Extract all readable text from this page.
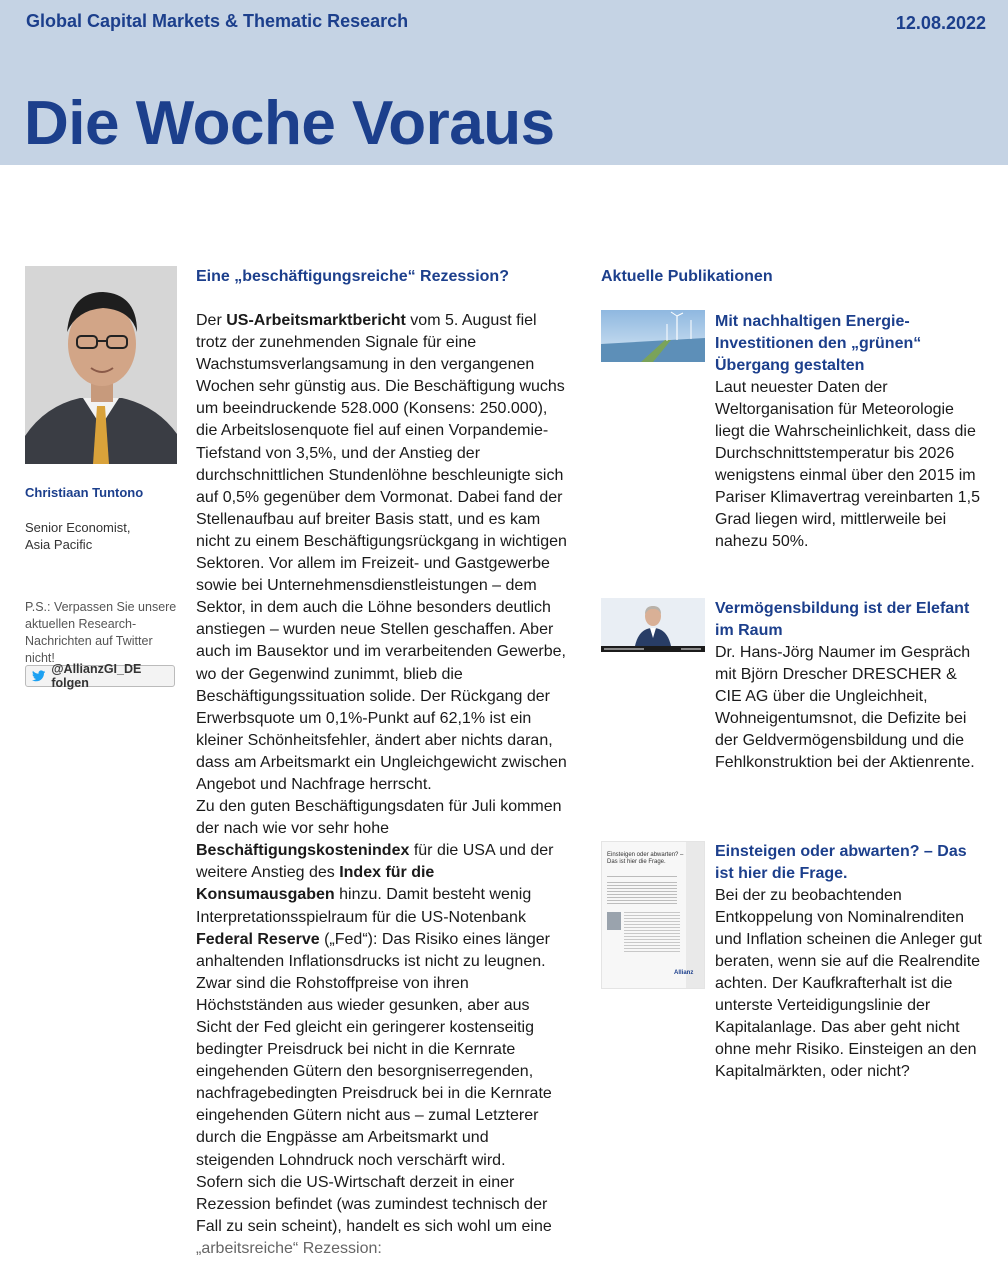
Global Capital Markets & Thematic Research	12.08.2022
Die Woche Voraus
Christiaan Tuntono
Senior Economist,
Asia Pacific
P.S.: Verpassen Sie unsere aktuellen Research- Nachrichten auf Twitter nicht!
@AllianzGI_DE folgen
Eine „beschäftigungsreiche“ Rezession?

Der US-Arbeitsmarktbericht vom 5. August fiel trotz der zunehmenden Signale für eine Wachstumsverlangsamung in den vergangenen Wochen sehr günstig aus. Die Beschäftigung wuchs um beeindruckende 528.000 (Konsens: 250.000), die Arbeitslosenquote fiel auf einen Vorpandemie-Tiefstand von 3,5%, und der Anstieg der durchschnittlichen Stundenlöhne beschleunigte sich auf 0,5% gegenüber dem Vormonat. Dabei fand der Stellenaufbau auf breiter Basis statt, und es kam nicht zu einem Beschäftigungsrückgang in wichtigen Sektoren. Vor allem im Freizeit- und Gastgewerbe sowie bei Unternehmensdienstleistungen – dem Sektor, in dem auch die Löhne besonders deutlich anstiegen – wurden neue Stellen geschaffen. Aber auch im Bausektor und im verarbeitenden Gewerbe, wo der Gegenwind zunimmt, blieb die Beschäftigungssituation solide. Der Rückgang der Erwerbsquote um 0,1%-Punkt auf 62,1% ist ein kleiner Schönheitsfehler, ändert aber nichts daran, dass am Arbeitsmarkt ein Ungleichgewicht zwischen Angebot und Nachfrage herrscht.

Zu den guten Beschäftigungsdaten für Juli kommen der nach wie vor sehr hohe Beschäftigungskostenindex für die USA und der weitere Anstieg des Index für die Konsumausgaben hinzu. Damit besteht wenig Interpretationsspielraum für die US-Notenbank Federal Reserve („Fed“): Das Risiko eines länger anhaltenden Inflationsdrucks ist nicht zu leugnen. Zwar sind die Rohstoffpreise von ihren Höchstständen aus wieder gesunken, aber aus Sicht der Fed gleicht ein geringerer kostenseitig bedingter Preisdruck bei nicht in die Kernrate eingehenden Gütern den besorgniserregenden, nachfragebedingten Preisdruck bei in die Kernrate eingehenden Gütern nicht aus – zumal Letzterer durch die Engpässe am Arbeitsmarkt und steigenden Lohndruck noch verschärft wird.

Sofern sich die US-Wirtschaft derzeit in einer Rezession befindet (was zumindest technisch der Fall zu sein scheint), handelt es sich wohl um eine „arbeitsreiche“ Rezession:

Aktuelle Publikationen
Mit nachhaltigen Energie-Investitionen den „grünen“ Übergang gestalten
Laut neuester Daten der Weltorganisation für Meteorologie liegt die Wahrscheinlichkeit, dass die Durchschnittstemperatur bis 2026 wenigstens einmal über den 2015 im Pariser Klimavertrag vereinbarten 1,5 Grad liegen wird, mittlerweile bei nahezu 50%.
Vermögensbildung ist der Elefant im Raum
Dr. Hans-Jörg Naumer im Gespräch mit Björn Drescher DRESCHER & CIE AG über die Ungleichheit, Wohneigentumsnot, die Defizite bei der Geldvermögensbildung und die Fehlkonstruktion bei der Aktienrente.
Einsteigen oder abwarten? – Das ist hier die Frage.
Allianz
Einsteigen oder abwarten? – Das ist hier die Frage.
Bei der zu beobachtenden Entkoppelung von Nominalrenditen und Inflation scheinen die Anleger gut beraten, wenn sie auf die Realrendite achten. Der Kaufkrafterhalt ist die unterste Verteidigungslinie der Kapitalanlage. Das aber geht nicht ohne mehr Risiko. Einsteigen an den Kapitalmärkten, oder nicht?
